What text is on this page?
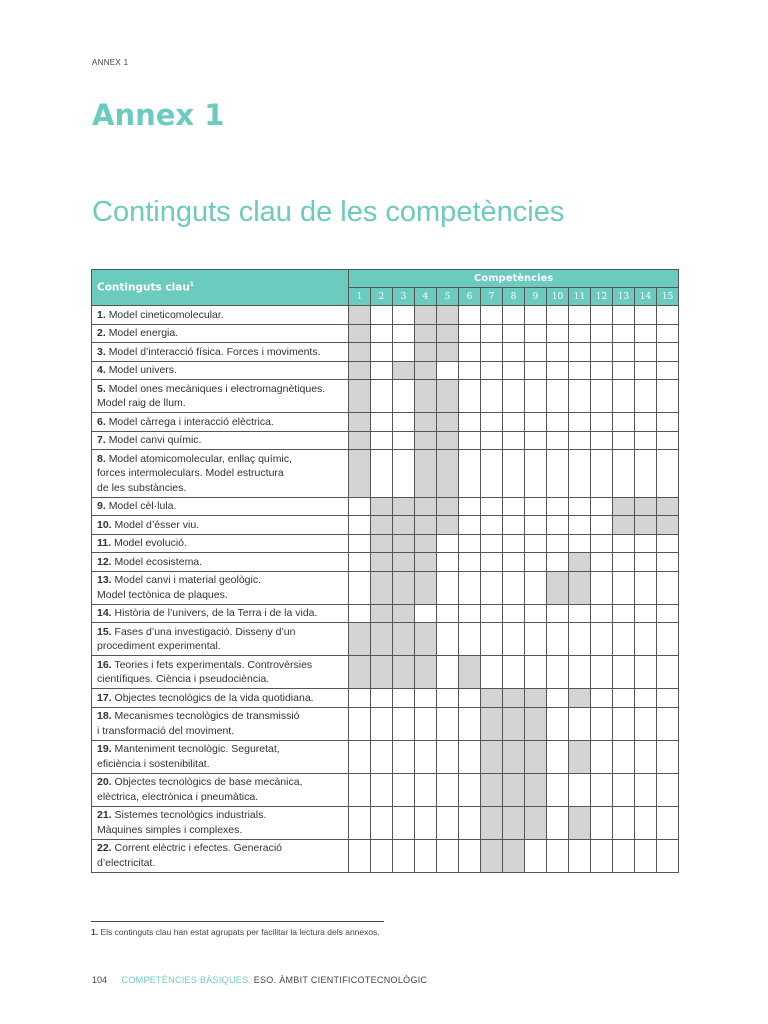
ANNEX 1
Annex 1
Continguts clau de les competències
Continguts clau$^1$	Competències														
	1	2	3	4	5	6	7	8	9	10	11	12	13	14	15
1. Model cineticomolecular.															
2. Model energia.															
3. Model d’interacció física. Forces i moviments.															
4. Model univers.															
5. Model ones mecàniques i electromagnètiques.
Model raig de llum.															
6. Model càrrega i interacció elèctrica.															
7. Model canvi químic.															
8. Model atomicomolecular, enllaç químic,
forces intermoleculars. Model estructura
de les substàncies.															
9. Model cèl·lula.															
10. Model d’ésser viu.															
11. Model evolució.															
12. Model ecosistema.															
13. Model canvi i material geològic.
Model tectònica de plaques.															
14. Història de l’univers, de la Terra i de la vida.															
15. Fases d’una investigació. Disseny d’un
procediment experimental.															
16. Teories i fets experimentals. Controvèrsies
científiques. Ciència i pseudociència.															
17. Objectes tecnològics de la vida quotidiana.															
18. Mecanismes tecnològics de transmissió
i transformació del moviment.															
19. Manteniment tecnològic. Seguretat,
eficiència i sostenibilitat.															
20. Objectes tecnològics de base mecànica,
elèctrica, electrònica i pneumàtica.															
21. Sistemes tecnològics industrials.
Màquines simples i complexes.															
22. Corrent elèctric i efectes. Generació
d’electricitat.															
1. Els continguts clau han estat agrupats per facilitar la lectura dels annexos.
104 COMPETÈNCIES BÀSIQUES. ESO. ÀMBIT CIENTIFICOTECNOLÒGIC
